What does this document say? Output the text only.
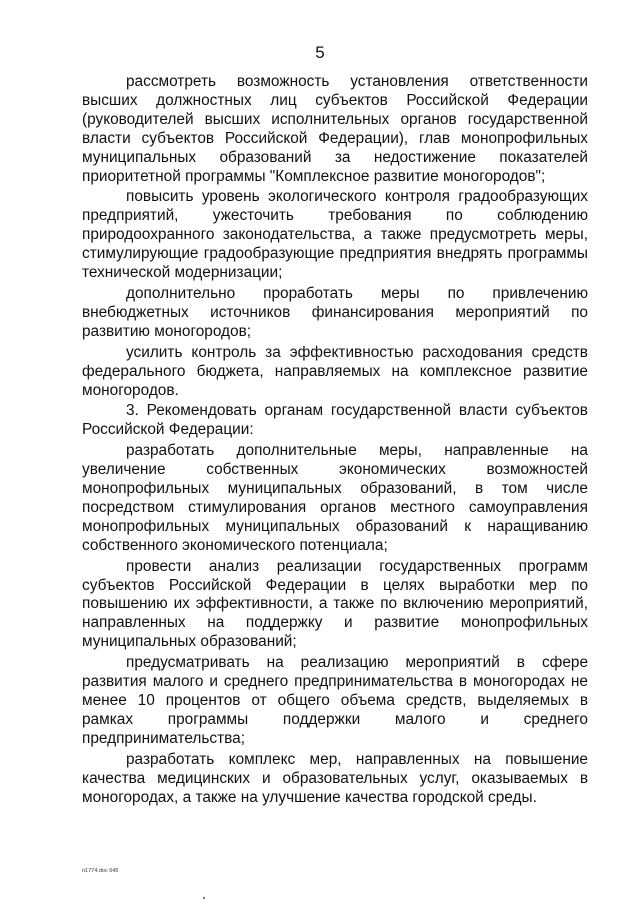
5

рассмотреть возможность установления ответственности высших должностных лиц субъектов Российской Федерации (руководителей высших исполнительных органов государственной власти субъектов Российской Федерации), глав монопрофильных муниципальных образований за недостижение показателей приоритетной программы "Комплексное развитие моногородов";

повысить уровень экологического контроля градообразующих предприятий, ужесточить требования по соблюдению природоохранного законодательства, а также предусмотреть меры, стимулирующие градообразующие предприятия внедрять программы технической модернизации;

дополнительно проработать меры по привлечению внебюджетных источников финансирования мероприятий по развитию моногородов;

усилить контроль за эффективностью расходования средств федерального бюджета, направляемых на комплексное развитие моногородов.

3. Рекомендовать органам государственной власти субъектов Российской Федерации:

разработать дополнительные меры, направленные на увеличение собственных экономических возможностей монопрофильных муниципальных образований, в том числе посредством стимулирования органов местного самоуправления монопрофильных муниципальных образований к наращиванию собственного экономического потенциала;

провести анализ реализации государственных программ субъектов Российской Федерации в целях выработки мер по повышению их эффективности, а также по включению мероприятий, направленных на поддержку и развитие монопрофильных муниципальных образований;

предусматривать на реализацию мероприятий в сфере развития малого и среднего предпринимательства в моногородах не менее 10 процентов от общего объема средств, выделяемых в рамках программы поддержки малого и среднего предпринимательства;

разработать комплекс мер, направленных на повышение качества медицинских и образовательных услуг, оказываемых в моногородах, а также на улучшение качества городской среды.

n1774.doc 645
